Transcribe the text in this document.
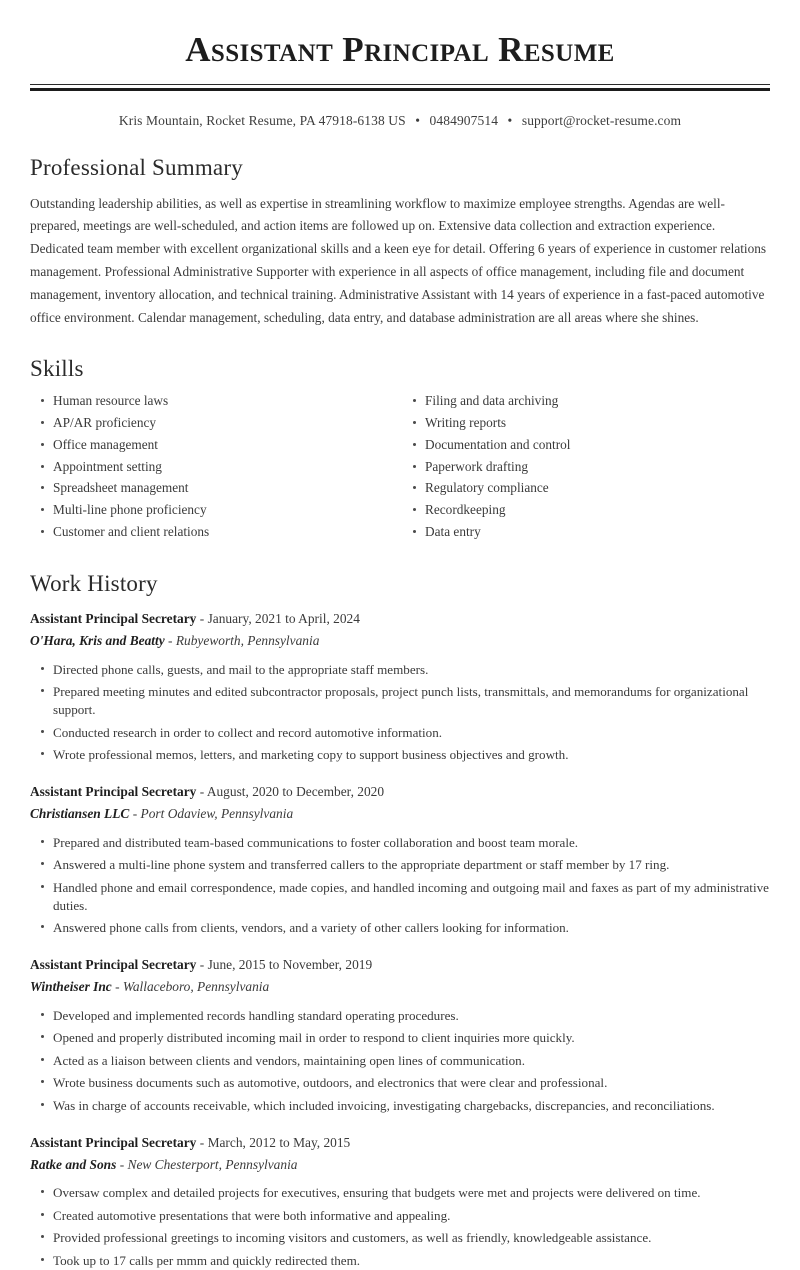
Assistant Principal Resume
Kris Mountain, Rocket Resume, PA 47918-6138 US • 0484907514 • support@rocket-resume.com
Professional Summary

Outstanding leadership abilities, as well as expertise in streamlining workflow to maximize employee strengths. Agendas are well-prepared, meetings are well-scheduled, and action items are followed up on. Extensive data collection and extraction experience. Dedicated team member with excellent organizational skills and a keen eye for detail. Offering 6 years of experience in customer relations management. Professional Administrative Supporter with experience in all aspects of office management, including file and document management, inventory allocation, and technical training. Administrative Assistant with 14 years of experience in a fast-paced automotive office environment. Calendar management, scheduling, data entry, and database administration are all areas where she shines.

Skills
Human resource laws
AP/AR proficiency
Office management
Appointment setting
Spreadsheet management
Multi-line phone proficiency
Customer and client relations
Filing and data archiving
Writing reports
Documentation and control
Paperwork drafting
Regulatory compliance
Recordkeeping
Data entry
Work History
Assistant Principal Secretary - January, 2021 to April, 2024
O'Hara, Kris and Beatty - Rubyeworth, Pennsylvania
Directed phone calls, guests, and mail to the appropriate staff members.
Prepared meeting minutes and edited subcontractor proposals, project punch lists, transmittals, and memorandums for organizational support.
Conducted research in order to collect and record automotive information.
Wrote professional memos, letters, and marketing copy to support business objectives and growth.
Assistant Principal Secretary - August, 2020 to December, 2020
Christiansen LLC - Port Odaview, Pennsylvania
Prepared and distributed team-based communications to foster collaboration and boost team morale.
Answered a multi-line phone system and transferred callers to the appropriate department or staff member by 17 ring.
Handled phone and email correspondence, made copies, and handled incoming and outgoing mail and faxes as part of my administrative duties.
Answered phone calls from clients, vendors, and a variety of other callers looking for information.
Assistant Principal Secretary - June, 2015 to November, 2019
Wintheiser Inc - Wallaceboro, Pennsylvania
Developed and implemented records handling standard operating procedures.
Opened and properly distributed incoming mail in order to respond to client inquiries more quickly.
Acted as a liaison between clients and vendors, maintaining open lines of communication.
Wrote business documents such as automotive, outdoors, and electronics that were clear and professional.
Was in charge of accounts receivable, which included invoicing, investigating chargebacks, discrepancies, and reconciliations.
Assistant Principal Secretary - March, 2012 to May, 2015
Ratke and Sons - New Chesterport, Pennsylvania
Oversaw complex and detailed projects for executives, ensuring that budgets were met and projects were delivered on time.
Created automotive presentations that were both informative and appealing.
Provided professional greetings to incoming visitors and customers, as well as friendly, knowledgeable assistance.
Took up to 17 calls per mmm and quickly redirected them.
